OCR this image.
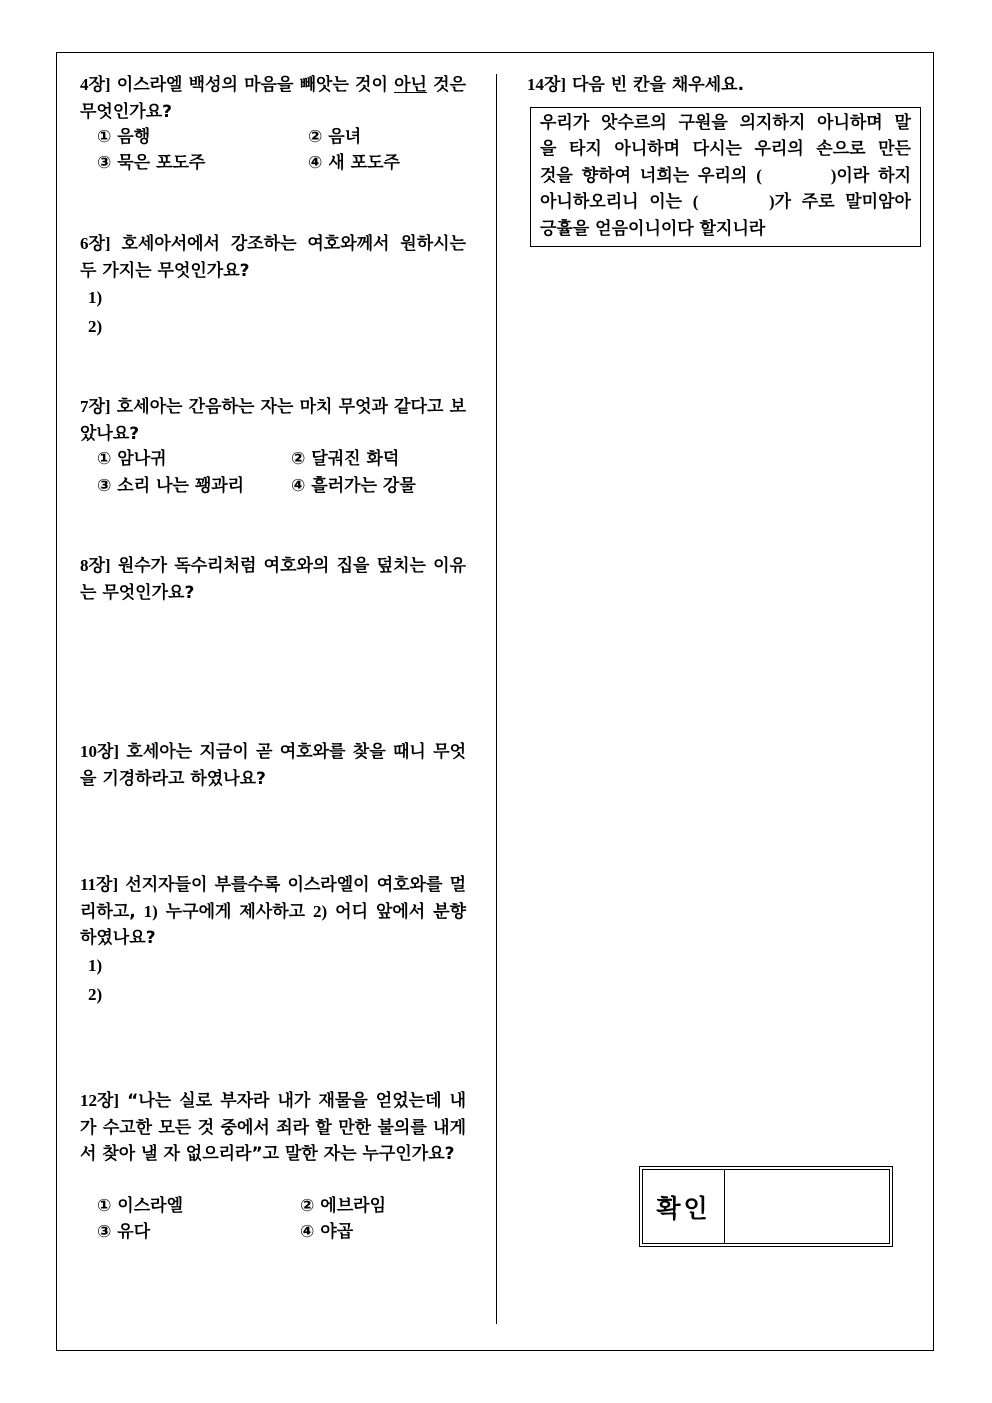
4장] 이스라엘 백성의 마음을 빼앗는 것이 아닌 것은 무엇인가요?
① 음행	② 음녀
③ 묵은 포도주	④ 새 포도주
6장] 호세아서에서 강조하는 여호와께서 원하시는 두 가지는 무엇인가요?
1)
2)
7장] 호세아는 간음하는 자는 마치 무엇과 같다고 보았나요?
① 암나귀	② 달궈진 화덕
③ 소리 나는 꽹과리	④ 흘러가는 강물
8장] 원수가 독수리처럼 여호와의 집을 덮치는 이유는 무엇인가요?
10장] 호세아는 지금이 곧 여호와를 찾을 때니 무엇을 기경하라고 하였나요?
11장] 선지자들이 부를수록 이스라엘이 여호와를 멀리하고, 1) 누구에게 제사하고 2) 어디 앞에서 분향하였나요?
1)
2)
12장] “나는 실로 부자라 내가 재물을 얻었는데 내가 수고한 모든 것 중에서 죄라 할 만한 불의를 내게서 찾아 낼 자 없으리라”고 말한 자는 누구인가요?
① 이스라엘	② 에브라임
③ 유다	④ 야곱
14장] 다음 빈 칸을 채우세요.
우리가 앗수르의 구원을 의지하지 아니하며 말
을 타지 아니하며 다시는 우리의 손으로 만든
것을 향하여 너희는 우리의 (	)이라 하지
아니하오리니 이는 (	)가 주로 말미암아
긍휼을 얻음이니이다 할지니라
확인
